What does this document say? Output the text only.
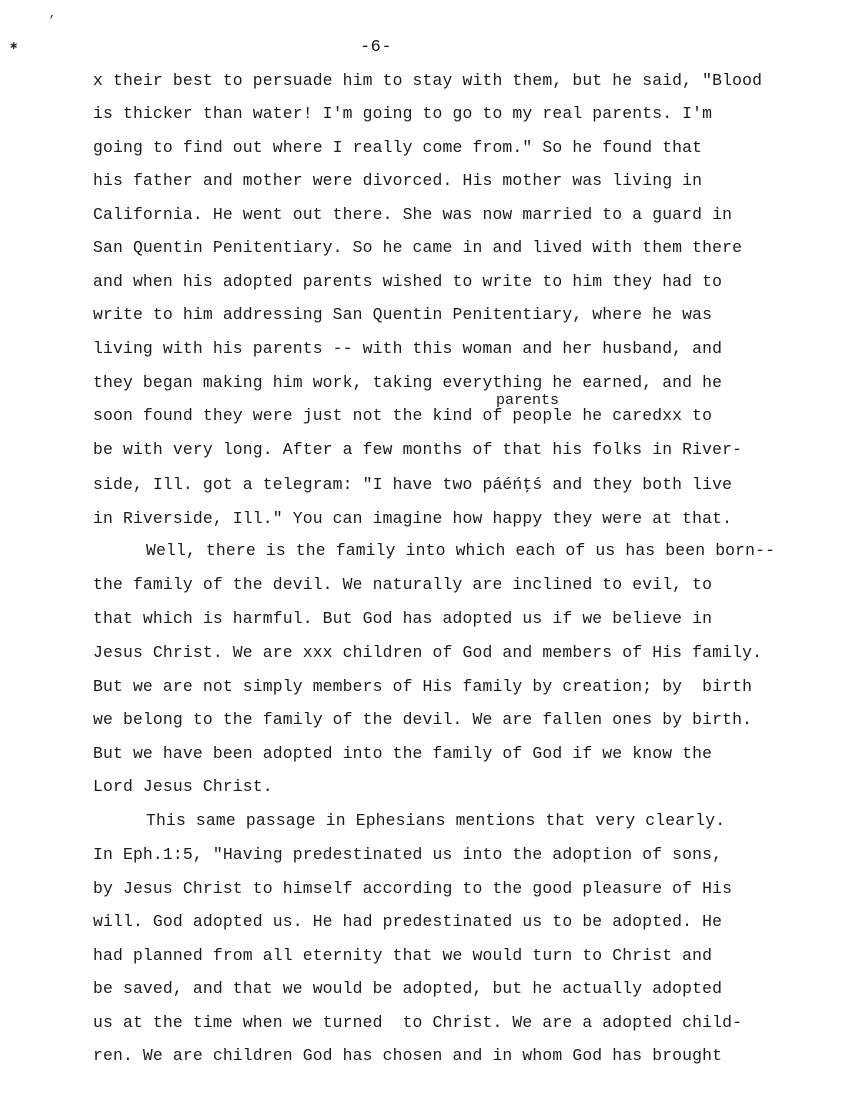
’
✱	-6-
parents
x their best to persuade him to stay with them, but he said, "Blood
is thicker than water! I'm going to go to my real parents. I'm
going to find out where I really come from." So he found that
his father and mother were divorced. His mother was living in
California. He went out there. She was now married to a guard in
San Quentin Penitentiary. So he came in and lived with them there
and when his adopted parents wished to write to him they had to
write to him addressing San Quentin Penitentiary, where he was
living with his parents -- with this woman and her husband, and
they began making him work, taking everything he earned, and he
soon found they were just not the kind of people he caredxx to
be with very long. After a few months of that his folks in River-
side, Ill. got a telegram: "I have two páéńţś and they both live
in Riverside, Ill." You can imagine how happy they were at that.
Well, there is the family into which each of us has been born--
the family of the devil. We naturally are inclined to evil, to
that which is harmful. But God has adopted us if we believe in
Jesus Christ. We are xxx children of God and members of His family.
But we are not simply members of His family by creation; by  birth
we belong to the family of the devil. We are fallen ones by birth.
But we have been adopted into the family of God if we know the
Lord Jesus Christ.
This same passage in Ephesians mentions that very clearly.
In Eph.1:5, "Having predestinated us into the adoption of sons,
by Jesus Christ to himself according to the good pleasure of His
will. God adopted us. He had predestinated us to be adopted. He
had planned from all eternity that we would turn to Christ and
be saved, and that we would be adopted, but he actually adopted
us at the time when we turned  to Christ. We are a adopted child-
ren. We are children God has chosen and in whom God has brought
